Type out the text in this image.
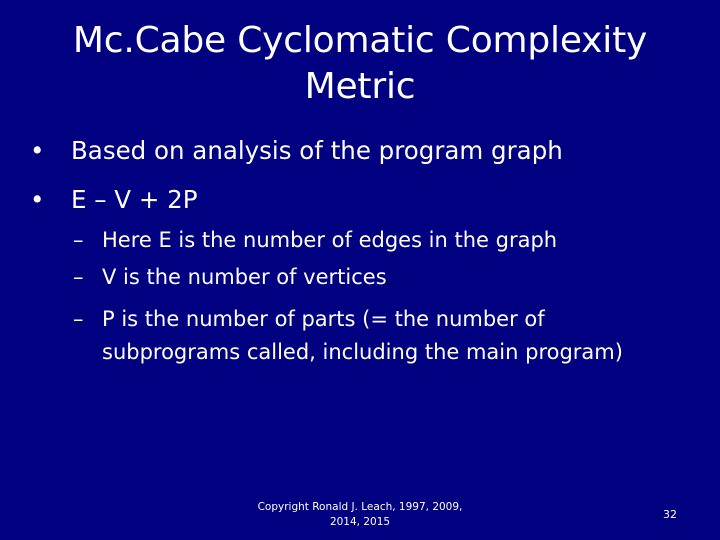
Mc.Cabe Cyclomatic Complexity
Metric
• Based on analysis of the program graph
• E – V + 2P
– Here E is the number of edges in the graph
– V is the number of vertices
– P is the number of parts (= the number of
subprograms called, including the main program)
Copyright Ronald J. Leach, 1997, 2009,
2014, 2015
32
